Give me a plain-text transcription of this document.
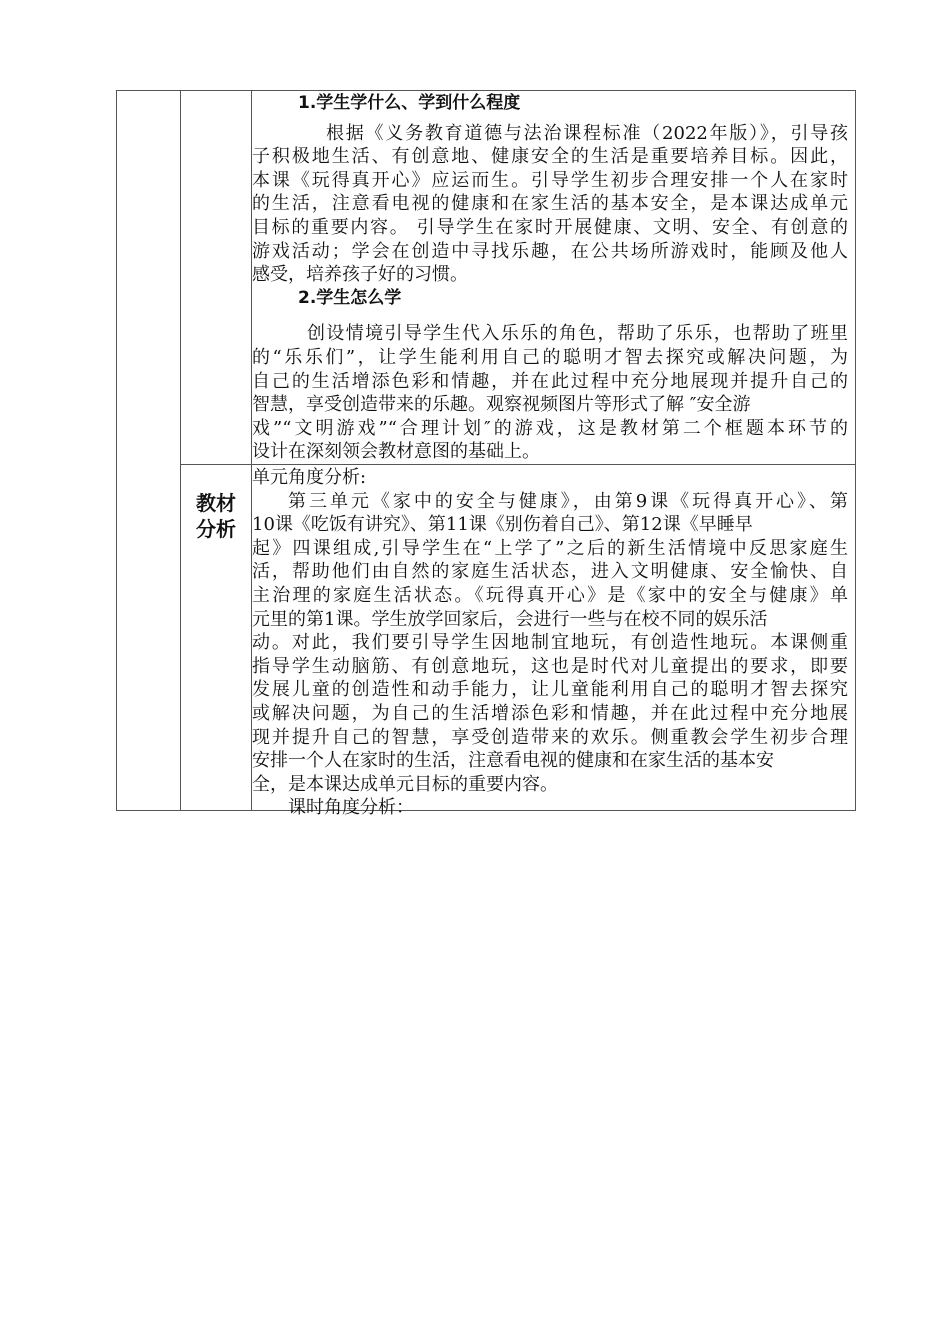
1.学生学什么、学到什么程度
根据《义务教育道德与法治课程标准（2022年版）》，引导孩
子积极地生活、有创意地、健康安全的生活是重要培养目标。因此，
本课《玩得真开心》应运而生。引导学生初步合理安排一个人在家时
的生活，注意看电视的健康和在家生活的基本安全，是本课达成单元
目标的重要内容。 引导学生在家时开展健康、文明、安全、有创意的
游戏活动；学会在创造中寻找乐趣，在公共场所游戏时，能顾及他人
感受，培养孩子好的习惯。
2.学生怎么学
创设情境引导学生代入乐乐的角色，帮助了乐乐，也帮助了班里
的“乐乐们”，让学生能利用自己的聪明才智去探究或解决问题，为
自己的生活增添色彩和情趣，并在此过程中充分地展现并提升自己的
智慧，享受创造带来的乐趣。观察视频图片等形式了解 ″安全游
戏”“文明游戏”“合理计划″的游戏，这是教材第二个框题本环节的
设计在深刻领会教材意图的基础上。
教材分析
单元角度分析:
第三单元《家中的安全与健康》，由第9课《玩得真开心》、第
10课《吃饭有讲究》、第11课《别伤着自己》、第12课《早睡早
起》四课组成,引导学生在“上学了”之后的新生活情境中反思家庭生
活，帮助他们由自然的家庭生活状态，进入文明健康、安全愉快、自
主治理的家庭生活状态。《玩得真开心》是《家中的安全与健康》单
元里的第1课。学生放学回家后，会进行一些与在校不同的娱乐活
动。对此，我们要引导学生因地制宜地玩，有创造性地玩。本课侧重
指导学生动脑筋、有创意地玩，这也是时代对儿童提出的要求，即要
发展儿童的创造性和动手能力，让儿童能利用自己的聪明才智去探究
或解决问题，为自己的生活增添色彩和情趣，并在此过程中充分地展
现并提升自己的智慧，享受创造带来的欢乐。侧重教会学生初步合理
安排一个人在家时的生活，注意看电视的健康和在家生活的基本安
全，是本课达成单元目标的重要内容。
课时角度分析：
